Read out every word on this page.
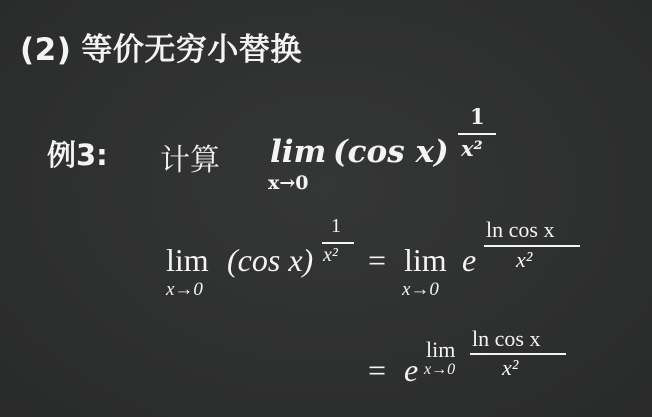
(2) 等价无穷小替换
例3: 计算 lim
x→0
(cos x)
1
x²
lim
x→0
(cos x)
1
x² = lim
x→0
e
ln cos x
x²
= e
lim
x→0
ln cos x
x²
